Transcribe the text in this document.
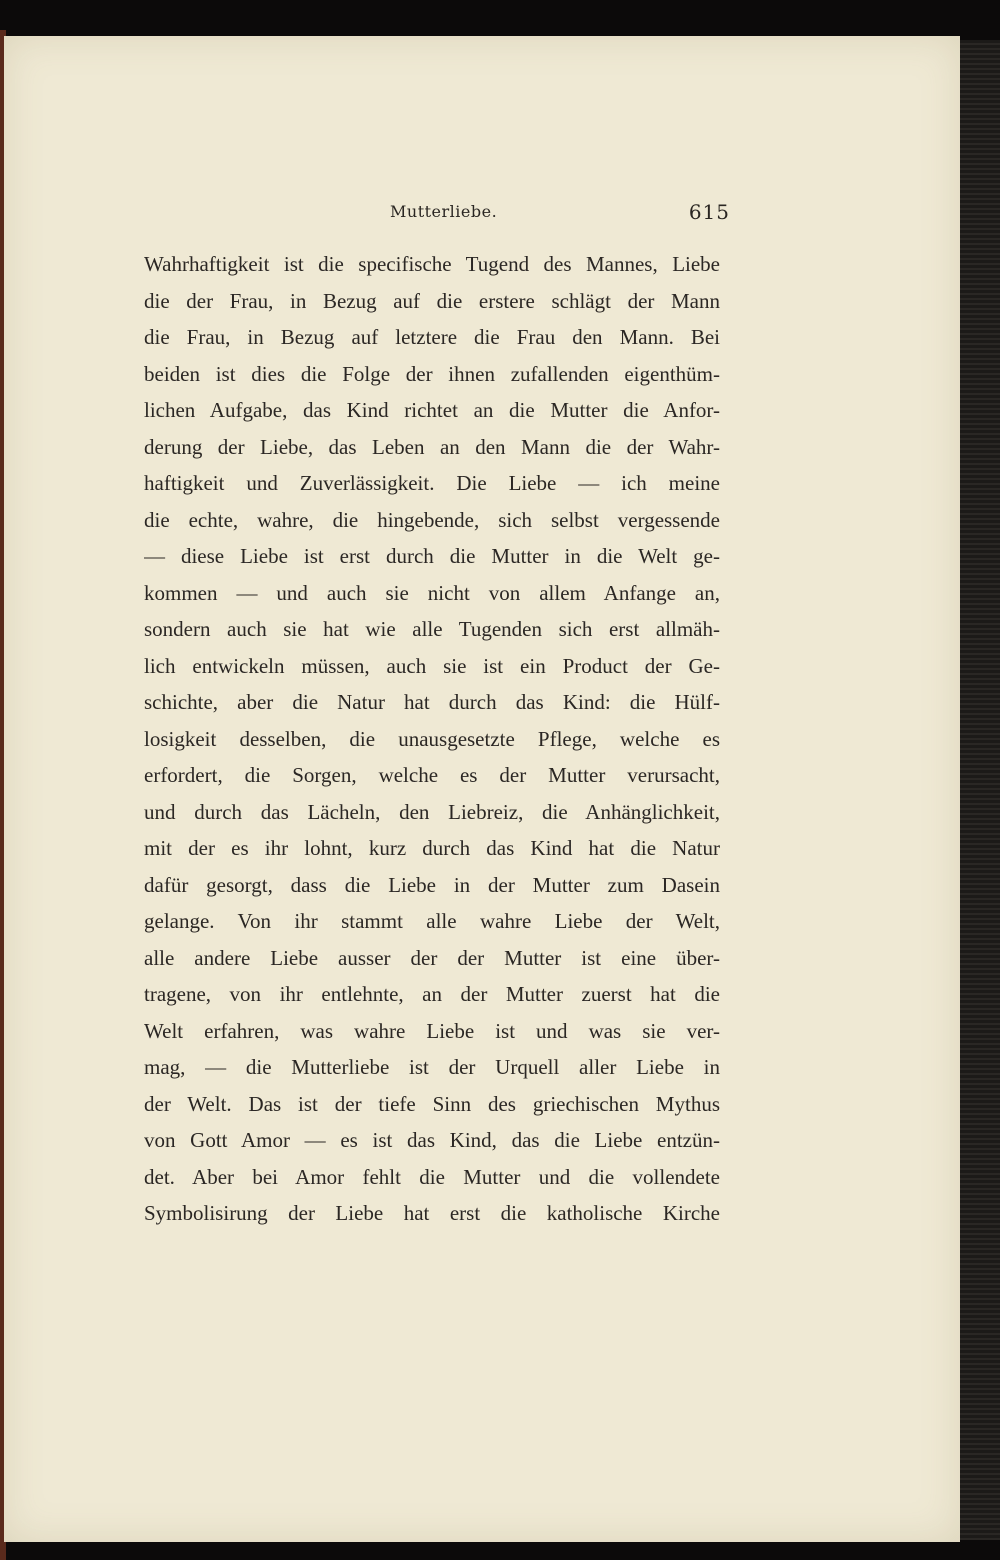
Mutterliebe.	615
Wahrhaftigkeit ist die specifische Tugend des Mannes, Liebe
die der Frau, in Bezug auf die erstere schlägt der Mann
die Frau, in Bezug auf letztere die Frau den Mann. Bei
beiden ist dies die Folge der ihnen zufallenden eigenthüm-
lichen Aufgabe, das Kind richtet an die Mutter die Anfor-
derung der Liebe, das Leben an den Mann die der Wahr-
haftigkeit und Zuverlässigkeit. Die Liebe — ich meine
die echte, wahre, die hingebende, sich selbst vergessende
— diese Liebe ist erst durch die Mutter in die Welt ge-
kommen — und auch sie nicht von allem Anfange an,
sondern auch sie hat wie alle Tugenden sich erst allmäh-
lich entwickeln müssen, auch sie ist ein Product der Ge-
schichte, aber die Natur hat durch das Kind: die Hülf-
losigkeit desselben, die unausgesetzte Pflege, welche es
erfordert, die Sorgen, welche es der Mutter verursacht,
und durch das Lächeln, den Liebreiz, die Anhänglichkeit,
mit der es ihr lohnt, kurz durch das Kind hat die Natur
dafür gesorgt, dass die Liebe in der Mutter zum Dasein
gelange. Von ihr stammt alle wahre Liebe der Welt,
alle andere Liebe ausser der der Mutter ist eine über-
tragene, von ihr entlehnte, an der Mutter zuerst hat die
Welt erfahren, was wahre Liebe ist und was sie ver-
mag, — die Mutterliebe ist der Urquell aller Liebe in
der Welt. Das ist der tiefe Sinn des griechischen Mythus
von Gott Amor — es ist das Kind, das die Liebe entzün-
det. Aber bei Amor fehlt die Mutter und die vollendete
Symbolisirung der Liebe hat erst die katholische Kirche
